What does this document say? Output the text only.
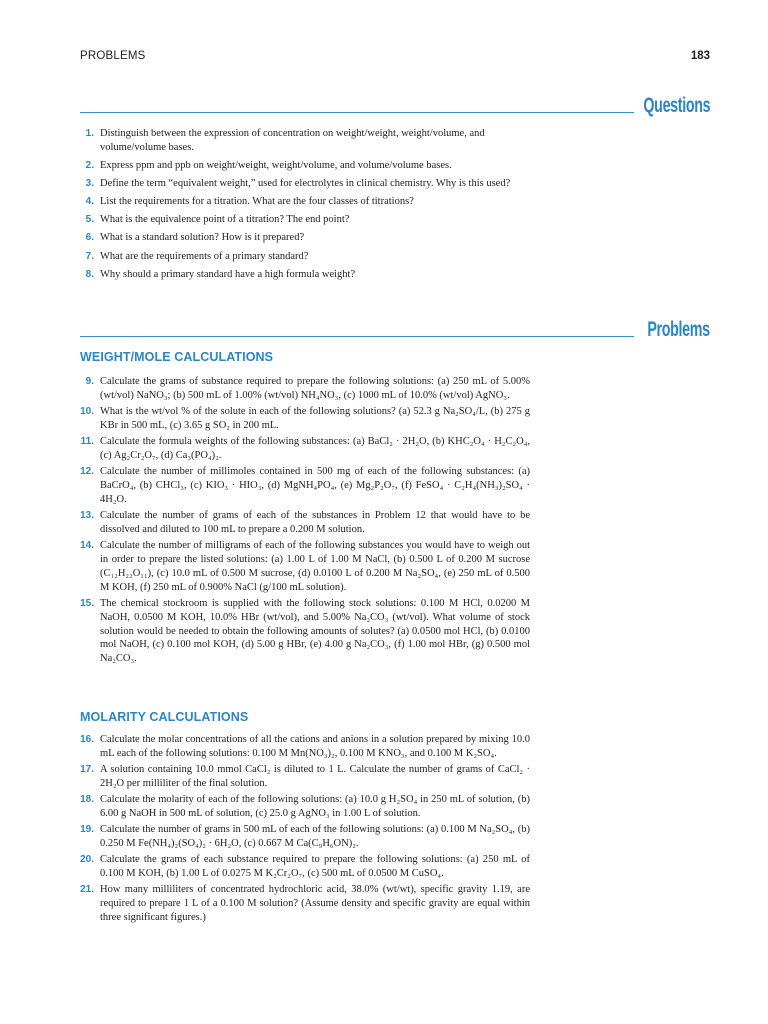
PROBLEMS	183
Questions
1. Distinguish between the expression of concentration on weight/weight, weight/volume, and volume/volume bases.
2. Express ppm and ppb on weight/weight, weight/volume, and volume/volume bases.
3. Define the term “equivalent weight,” used for electrolytes in clinical chemistry. Why is this used?
4. List the requirements for a titration. What are the four classes of titrations?
5. What is the equivalence point of a titration? The end point?
6. What is a standard solution? How is it prepared?
7. What are the requirements of a primary standard?
8. Why should a primary standard have a high formula weight?
Problems
WEIGHT/MOLE CALCULATIONS
9. Calculate the grams of substance required to prepare the following solutions: (a) 250 mL of 5.00% (wt/vol) NaNO₃; (b) 500 mL of 1.00% (wt/vol) NH₄NO₃, (c) 1000 mL of 10.0% (wt/vol) AgNO₃.
10. What is the wt/vol % of the solute in each of the following solutions? (a) 52.3 g Na₂SO₄/L, (b) 275 g KBr in 500 mL, (c) 3.65 g SO₂ in 200 mL.
11. Calculate the formula weights of the following substances: (a) BaCl₂ · 2H₂O, (b) KHC₂O₄ · H₂C₂O₄, (c) Ag₂Cr₂O₇, (d) Ca₃(PO₄)₂.
12. Calculate the number of millimoles contained in 500 mg of each of the following substances: (a) BaCrO₄, (b) CHCl₃, (c) KIO₃ · HIO₃, (d) MgNH₄PO₄, (e) Mg₂P₂O₇, (f) FeSO₄ · C₂H₄(NH₃)₂SO₄ · 4H₂O.
13. Calculate the number of grams of each of the substances in Problem 12 that would have to be dissolved and diluted to 100 mL to prepare a 0.200 M solution.
14. Calculate the number of milligrams of each of the following substances you would have to weigh out in order to prepare the listed solutions: (a) 1.00 L of 1.00 M NaCl, (b) 0.500 L of 0.200 M sucrose (C₁₂H₂₂O₁₁), (c) 10.0 mL of 0.500 M sucrose, (d) 0.0100 L of 0.200 M Na₂SO₄, (e) 250 mL of 0.500 M KOH, (f) 250 mL of 0.900% NaCl (g/100 mL solution).
15. The chemical stockroom is supplied with the following stock solutions: 0.100 M HCl, 0.0200 M NaOH, 0.0500 M KOH, 10.0% HBr (wt/vol), and 5.00% Na₂CO₃ (wt/vol). What volume of stock solution would be needed to obtain the following amounts of solutes? (a) 0.0500 mol HCl, (b) 0.0100 mol NaOH, (c) 0.100 mol KOH, (d) 5.00 g HBr, (e) 4.00 g Na₂CO₃, (f) 1.00 mol HBr, (g) 0.500 mol Na₂CO₃.
MOLARITY CALCULATIONS
16. Calculate the molar concentrations of all the cations and anions in a solution prepared by mixing 10.0 mL each of the following solutions: 0.100 M Mn(NO₃)₂, 0.100 M KNO₃, and 0.100 M K₂SO₄.
17. A solution containing 10.0 mmol CaCl₂ is diluted to 1 L. Calculate the number of grams of CaCl₂ · 2H₂O per milliliter of the final solution.
18. Calculate the molarity of each of the following solutions: (a) 10.0 g H₂SO₄ in 250 mL of solution, (b) 6.00 g NaOH in 500 mL of solution, (c) 25.0 g AgNO₃ in 1.00 L of solution.
19. Calculate the number of grams in 500 mL of each of the following solutions: (a) 0.100 M Na₂SO₄, (b) 0.250 M Fe(NH₄)₂(SO₄)₂ · 6H₂O, (c) 0.667 M Ca(C₉H₆ON)₂.
20. Calculate the grams of each substance required to prepare the following solutions: (a) 250 mL of 0.100 M KOH, (b) 1.00 L of 0.0275 M K₂Cr₂O₇, (c) 500 mL of 0.0500 M CuSO₄.
21. How many milliliters of concentrated hydrochloric acid, 38.0% (wt/wt), specific gravity 1.19, are required to prepare 1 L of a 0.100 M solution? (Assume density and specific gravity are equal within three significant figures.)
